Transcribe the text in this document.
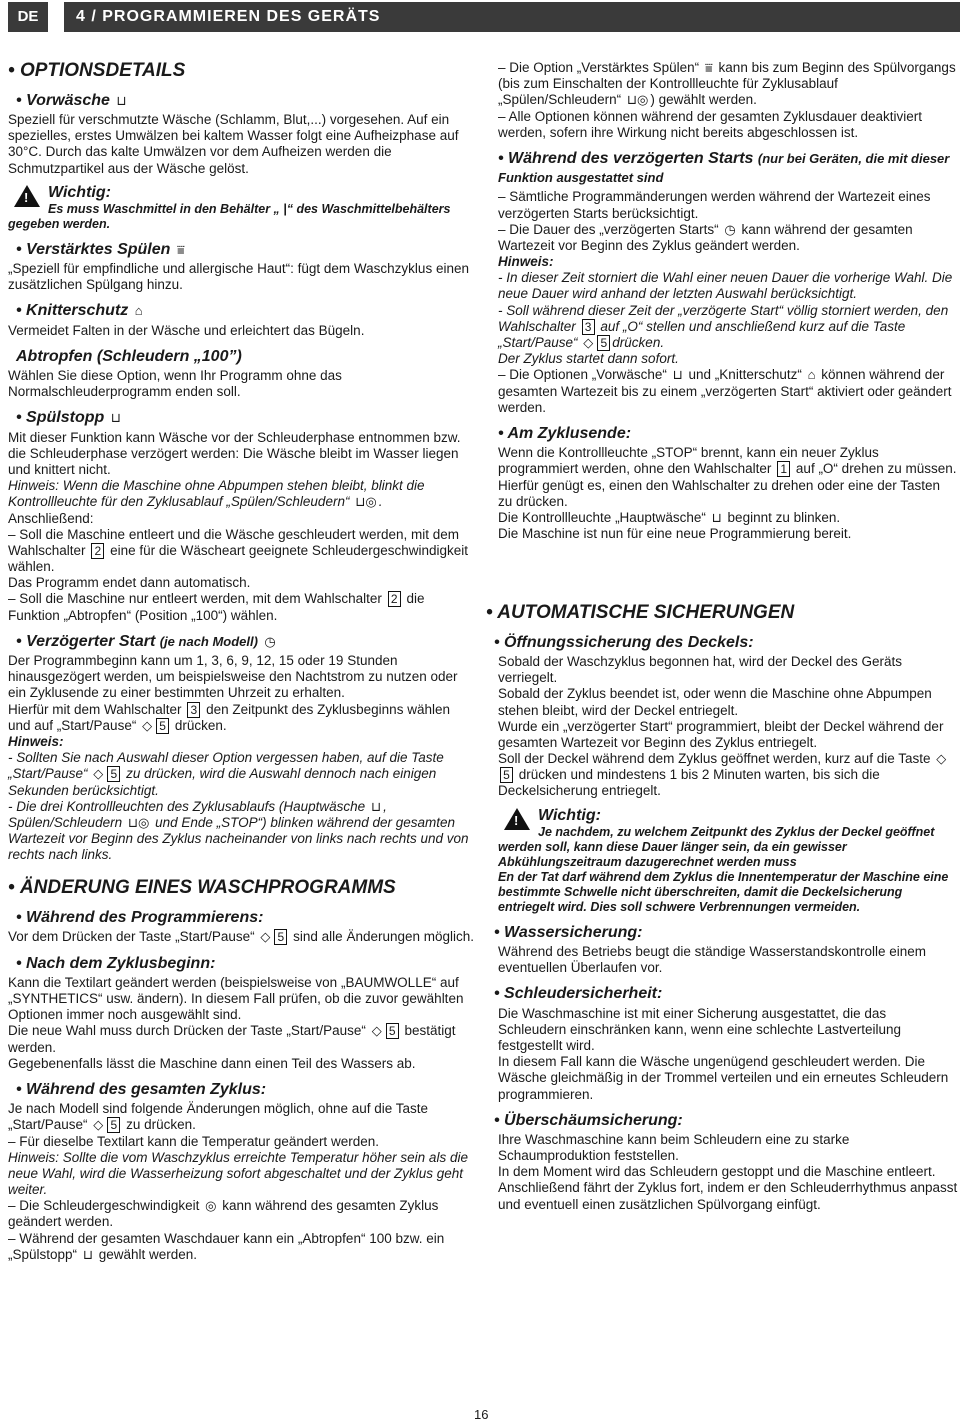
DE	4 / PROGRAMMIEREN DES GERÄTS
• OPTIONSDETAILS
• Vorwäsche ⊔

Speziell für verschmutzte Wäsche (Schlamm, Blut,...) vorgesehen. Auf ein spezielles, erstes Umwälzen bei kaltem Wasser folgt eine Aufheizphase auf 30°C. Durch das kalte Umwälzen vor dem Aufheizen werden die Schmutzpartikel aus der Wäsche gelöst.

!	Wichtig:
Es muss Waschmittel in den Behälter „ |“ des Waschmittelbehälters gegeben werden.
• Verstärktes Spülen ⩸

„Speziell für empfindliche und allergische Haut“: fügt dem Waschzyklus einen zusätzlichen Spülgang hinzu.

• Knitterschutz ⌂

Vermeidet Falten in der Wäsche und erleichtert das Bügeln.

Abtropfen (Schleudern „100”)

Wählen Sie diese Option, wenn Ihr Programm ohne das Normalschleuderprogramm enden soll.

• Spülstopp ⊔

Mit dieser Funktion kann Wäsche vor der Schleuderphase entnommen bzw. die Schleuderphase verzögert werden: Die Wäsche bleibt im Wasser liegen und knittert nicht.

Hinweis: Wenn die Maschine ohne Abpumpen stehen bleibt, blinkt die Kontrollleuchte für den Zyklusablauf „Spülen/Schleudern“ ⊔◎ .

Anschließend:

– Soll die Maschine entleert und die Wäsche geschleudert werden, mit dem Wahlschalter 2 eine für die Wäscheart geeignete Schleudergeschwindigkeit wählen.

Das Programm endet dann automatisch.

– Soll die Maschine nur entleert werden, mit dem Wahlschalter 2 die Funktion „Abtropfen“ (Position „100“) wählen.

• Verzögerter Start (je nach Modell) ◷

Der Programmbeginn kann um 1, 3, 6, 9, 12, 15 oder 19 Stunden hinausgezögert werden, um beispielsweise den Nachtstrom zu nutzen oder ein Zyklusende zu einer bestimmten Uhrzeit zu erhalten.

Hierfür mit dem Wahlschalter 3 den Zeitpunkt des Zyklusbeginns wählen und auf „Start/Pause“ ◇ 5 drücken.

Hinweis:

- Sollten Sie nach Auswahl dieser Option vergessen haben, auf die Taste „Start/Pause“ ◇ 5 zu drücken, wird die Auswahl dennoch nach einigen Sekunden berücksichtigt.

- Die drei Kontrollleuchten des Zyklusablaufs (Hauptwäsche ⊔ , Spülen/Schleudern ⊔◎ und Ende „STOP“) blinken während der gesamten Wartezeit vor Beginn des Zyklus nacheinander von links nach rechts und von rechts nach links.

• ÄNDERUNG EINES WASCHPROGRAMMS
• Während des Programmierens:

Vor dem Drücken der Taste „Start/Pause“ ◇ 5 sind alle Änderungen möglich.

• Nach dem Zyklusbeginn:

Kann die Textilart geändert werden (beispielsweise von „BAUMWOLLE“ auf „SYNTHETICS“ usw. ändern). In diesem Fall prüfen, ob die zuvor gewählten Optionen immer noch ausgewählt sind.

Die neue Wahl muss durch Drücken der Taste „Start/Pause“ ◇ 5 bestätigt werden.

Gegebenenfalls lässt die Maschine dann einen Teil des Wassers ab.

• Während des gesamten Zyklus:

Je nach Modell sind folgende Änderungen möglich, ohne auf die Taste „Start/Pause“ ◇ 5 zu drücken.

– Für dieselbe Textilart kann die Temperatur geändert werden.

Hinweis: Sollte die vom Waschzyklus erreichte Temperatur höher sein als die neue Wahl, wird die Wasserheizung sofort abgeschaltet und der Zyklus geht weiter.

– Die Schleudergeschwindigkeit ◎ kann während des gesamten Zyklus geändert werden.

– Während der gesamten Waschdauer kann ein „Abtropfen“ 100 bzw. ein „Spülstopp“ ⊔ gewählt werden.

– Die Option „Verstärktes Spülen“ ⩸ kann bis zum Beginn des Spülvorgangs (bis zum Einschalten der Kontrollleuchte für Zyklusablauf „Spülen/Schleudern“ ⊔◎ ) gewählt werden.

– Alle Optionen können während der gesamten Zyklusdauer deaktiviert werden, sofern ihre Wirkung nicht bereits abgeschlossen ist.

• Während des verzögerten Starts (nur bei Geräten, die mit dieser Funktion ausgestattet sind

– Sämtliche Programmänderungen werden während der Wartezeit eines verzögerten Starts berücksichtigt.

– Die Dauer des „verzögerten Starts“ ◷ kann während der gesamten Wartezeit vor Beginn des Zyklus geändert werden.

Hinweis:

- In dieser Zeit storniert die Wahl einer neuen Dauer die vorherige Wahl. Die neue Dauer wird anhand der letzten Auswahl berücksichtigt.

- Soll während dieser Zeit der „verzögerte Start“ völlig storniert werden, den Wahlschalter 3 auf „O“ stellen und anschließend kurz auf die Taste „Start/Pause“ ◇ 5 drücken.

Der Zyklus startet dann sofort.

– Die Optionen „Vorwäsche“ ⊔ und „Knitterschutz“ ⌂ können während der gesamten Wartezeit bis zu einem „verzögerten Start“ aktiviert oder geändert werden.

• Am Zyklusende:

Wenn die Kontrollleuchte „STOP“ brennt, kann ein neuer Zyklus programmiert werden, ohne den Wahlschalter 1 auf „O“ drehen zu müssen.

Hierfür genügt es, einen den Wahlschalter zu drehen oder eine der Tasten zu drücken.

Die Kontrollleuchte „Hauptwäsche“ ⊔ beginnt zu blinken.

Die Maschine ist nun für eine neue Programmierung bereit.

• AUTOMATISCHE SICHERUNGEN
• Öffnungssicherung des Deckels:

Sobald der Waschzyklus begonnen hat, wird der Deckel des Geräts verriegelt.

Sobald der Zyklus beendet ist, oder wenn die Maschine ohne Abpumpen stehen bleibt, wird der Deckel entriegelt.

Wurde ein „verzögerter Start“ programmiert, bleibt der Deckel während der gesamten Wartezeit vor Beginn des Zyklus entriegelt.

Soll der Deckel während dem Zyklus geöffnet werden, kurz auf die Taste ◇5 drücken und mindestens 1 bis 2 Minuten warten, bis sich die Deckelsicherung entriegelt.

!	Wichtig:
Je nachdem, zu welchem Zeitpunkt des Zyklus der Deckel geöffnet werden soll, kann diese Dauer länger sein, da ein gewisser Abkühlungszeitraum dazugerechnet werden muss
En der Tat darf während dem Zyklus die Innentemperatur der Maschine eine bestimmte Schwelle nicht überschreiten, damit die Deckelsicherung entriegelt wird. Dies soll schwere Verbrennungen vermeiden.
• Wassersicherung:

Während des Betriebs beugt die ständige Wasserstandskontrolle einem eventuellen Überlaufen vor.

• Schleudersicherheit:

Die Waschmaschine ist mit einer Sicherung ausgestattet, die das Schleudern einschränken kann, wenn eine schlechte Lastverteilung festgestellt wird.

In diesem Fall kann die Wäsche ungenügend geschleudert werden. Die Wäsche gleichmäßig in der Trommel verteilen und ein erneutes Schleudern programmieren.

• Überschäumsicherung:

Ihre Waschmaschine kann beim Schleudern eine zu starke Schaumproduktion feststellen.

In dem Moment wird das Schleudern gestoppt und die Maschine entleert. Anschließend fährt der Zyklus fort, indem er den Schleuderrhythmus anpasst und eventuell einen zusätzlichen Spülvorgang einfügt.

16
